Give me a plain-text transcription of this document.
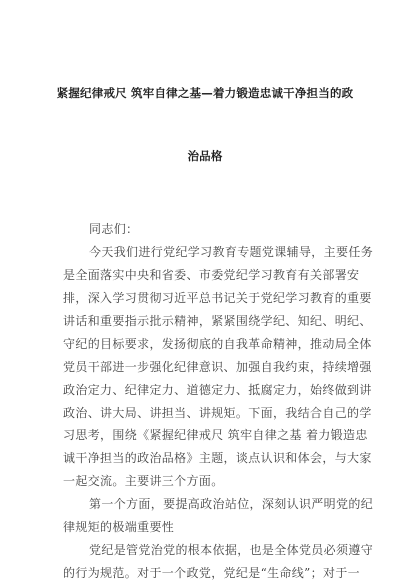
紧握纪律戒尺 筑牢自律之基—着力锻造忠诚干净担当的政
治品格
同志们：
今天我们进行党纪学习教育专题党课辅导，主要任务
是全面落实中央和省委、市委党纪学习教育有关部署安
排，深入学习贯彻习近平总书记关于党纪学习教育的重要
讲话和重要指示批示精神，紧紧围绕学纪、知纪、明纪、
守纪的目标要求，发扬彻底的自我革命精神，推动局全体
党员干部进一步强化纪律意识、加强自我约束，持续增强
政治定力、纪律定力、道德定力、抵腐定力，始终做到讲
政治、讲大局、讲担当、讲规矩。下面，我结合自己的学
习思考，围绕《紧握纪律戒尺 筑牢自律之基 着力锻造忠
诚干净担当的政治品格》主题，谈点认识和体会，与大家
一起交流。主要讲三个方面。
第一个方面，要提高政治站位，深刻认识严明党的纪
律规矩的极端重要性
党纪是管党治党的根本依据，也是全体党员必须遵守
的行为规范。对于一个政党，党纪是“生命线”；对于一
